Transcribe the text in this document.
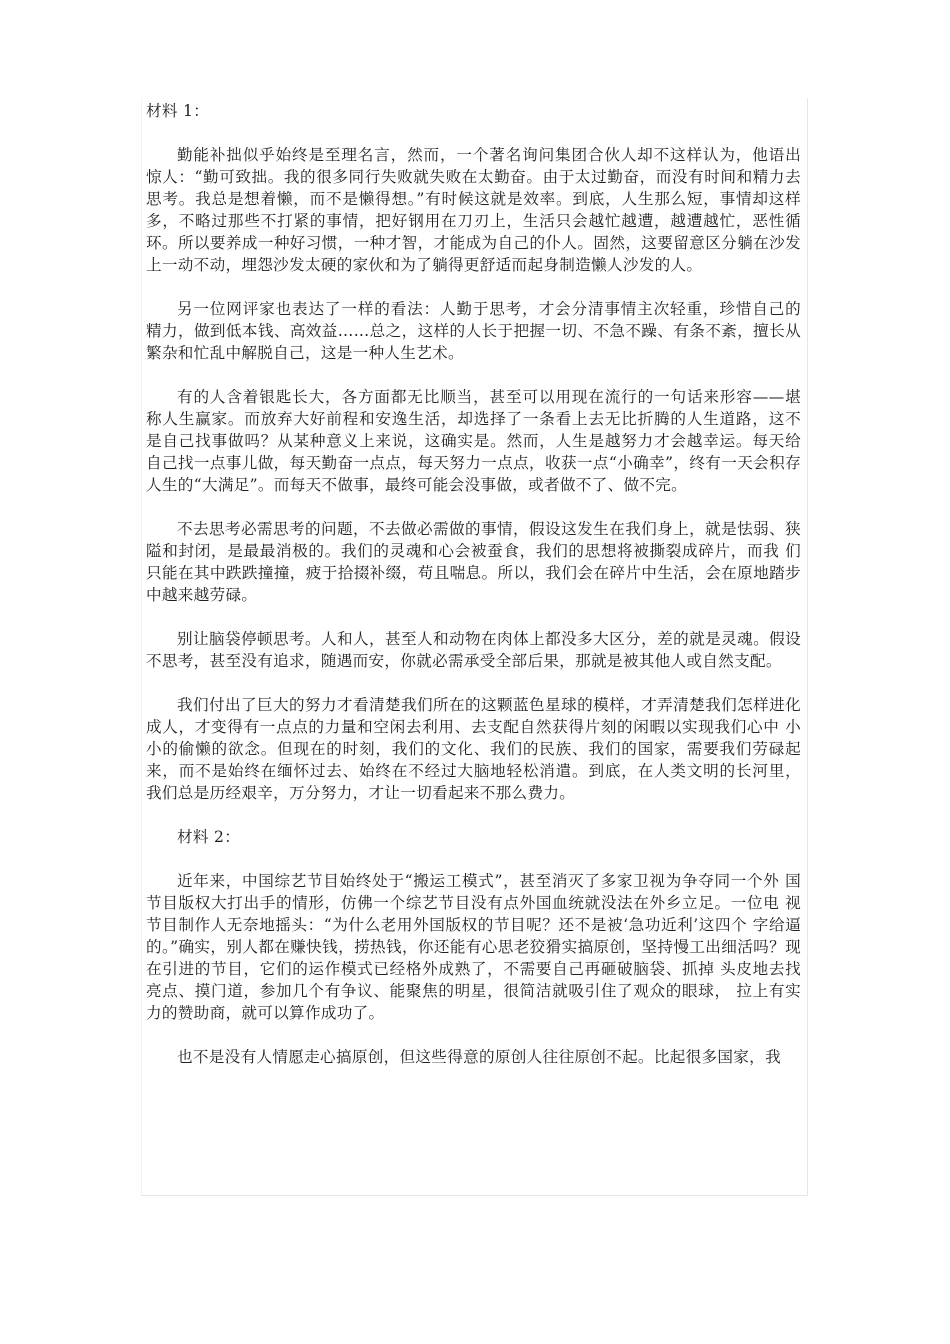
材料 1：

勤能补拙似乎始终是至理名言，然而，一个著名询问集团合伙人却不这样认为，他语出 惊人：“勤可致拙。我的很多同行失败就失败在太勤奋。由于太过勤奋，而没有时间和精力去思考。我总是想着懒，而不是懒得想。”有时候这就是效率。到底，人生那么短，事情却这样多，不略过那些不打紧的事情，把好钢用在刀刃上，生活只会越忙越遭，越遭越忙，恶性循环。所以要养成一种好习惯，一种才智，才能成为自己的仆人。固然，这要留意区分躺在沙发上一动不动，埋怨沙发太硬的家伙和为了躺得更舒适而起身制造懒人沙发的人。

另一位网评家也表达了一样的看法：人勤于思考，才会分清事情主次轻重，珍惜自己的 精力，做到低本钱、高效益……总之，这样的人长于把握一切、不急不躁、有条不紊，擅长从繁杂和忙乱中解脱自己，这是一种人生艺术。

有的人含着银匙长大，各方面都无比顺当，甚至可以用现在流行的一句话来形容——堪 称人生赢家。而放弃大好前程和安逸生活，却选择了一条看上去无比折腾的人生道路，这不 是自己找事做吗？从某种意义上来说，这确实是。然而，人生是越努力才会越幸运。每天给 自己找一点事儿做，每天勤奋一点点，每天努力一点点，收获一点“小确幸”，终有一天会积存人生的“大满足”。而每天不做事，最终可能会没事做，或者做不了、做不完。

不去思考必需思考的问题，不去做必需做的事情，假设这发生在我们身上，就是怯弱、狭隘和封闭，是最最消极的。我们的灵魂和心会被蚕食，我们的思想将被撕裂成碎片，而我 们只能在其中跌跌撞撞，疲于拾掇补缀，苟且喘息。所以，我们会在碎片中生活，会在原地踏步中越来越劳碌。

别让脑袋停顿思考。人和人，甚至人和动物在肉体上都没多大区分，差的就是灵魂。假设不思考，甚至没有追求，随遇而安，你就必需承受全部后果，那就是被其他人或自然支配。

我们付出了巨大的努力才看清楚我们所在的这颗蓝色星球的模样，才弄清楚我们怎样进化成人，才变得有一点点的力量和空闲去利用、去支配自然获得片刻的闲暇以实现我们心中 小小的偷懒的欲念。但现在的时刻，我们的文化、我们的民族、我们的国家，需要我们劳碌起来，而不是始终在缅怀过去、始终在不经过大脑地轻松消遣。到底，在人类文明的长河里， 我们总是历经艰辛，万分努力，才让一切看起来不那么费力。

材料 2：

近年来，中国综艺节目始终处于“搬运工模式”，甚至消灭了多家卫视为争夺同一个外 国节目版权大打出手的情形，仿佛一个综艺节目没有点外国血统就没法在外乡立足。一位电 视节目制作人无奈地摇头：“为什么老用外国版权的节目呢？还不是被‘急功近利’这四个 字给逼的。”确实，别人都在赚快钱，捞热钱，你还能有心思老狡猾实搞原创，坚持慢工出细活吗？现在引进的节目，它们的运作模式已经格外成熟了，不需要自己再砸破脑袋、抓掉 头皮地去找亮点、摸门道，参加几个有争议、能聚焦的明星，很简洁就吸引住了观众的眼球， 拉上有实力的赞助商，就可以算作成功了。

也不是没有人情愿走心搞原创，但这些得意的原创人往往原创不起。比起很多国家，我
